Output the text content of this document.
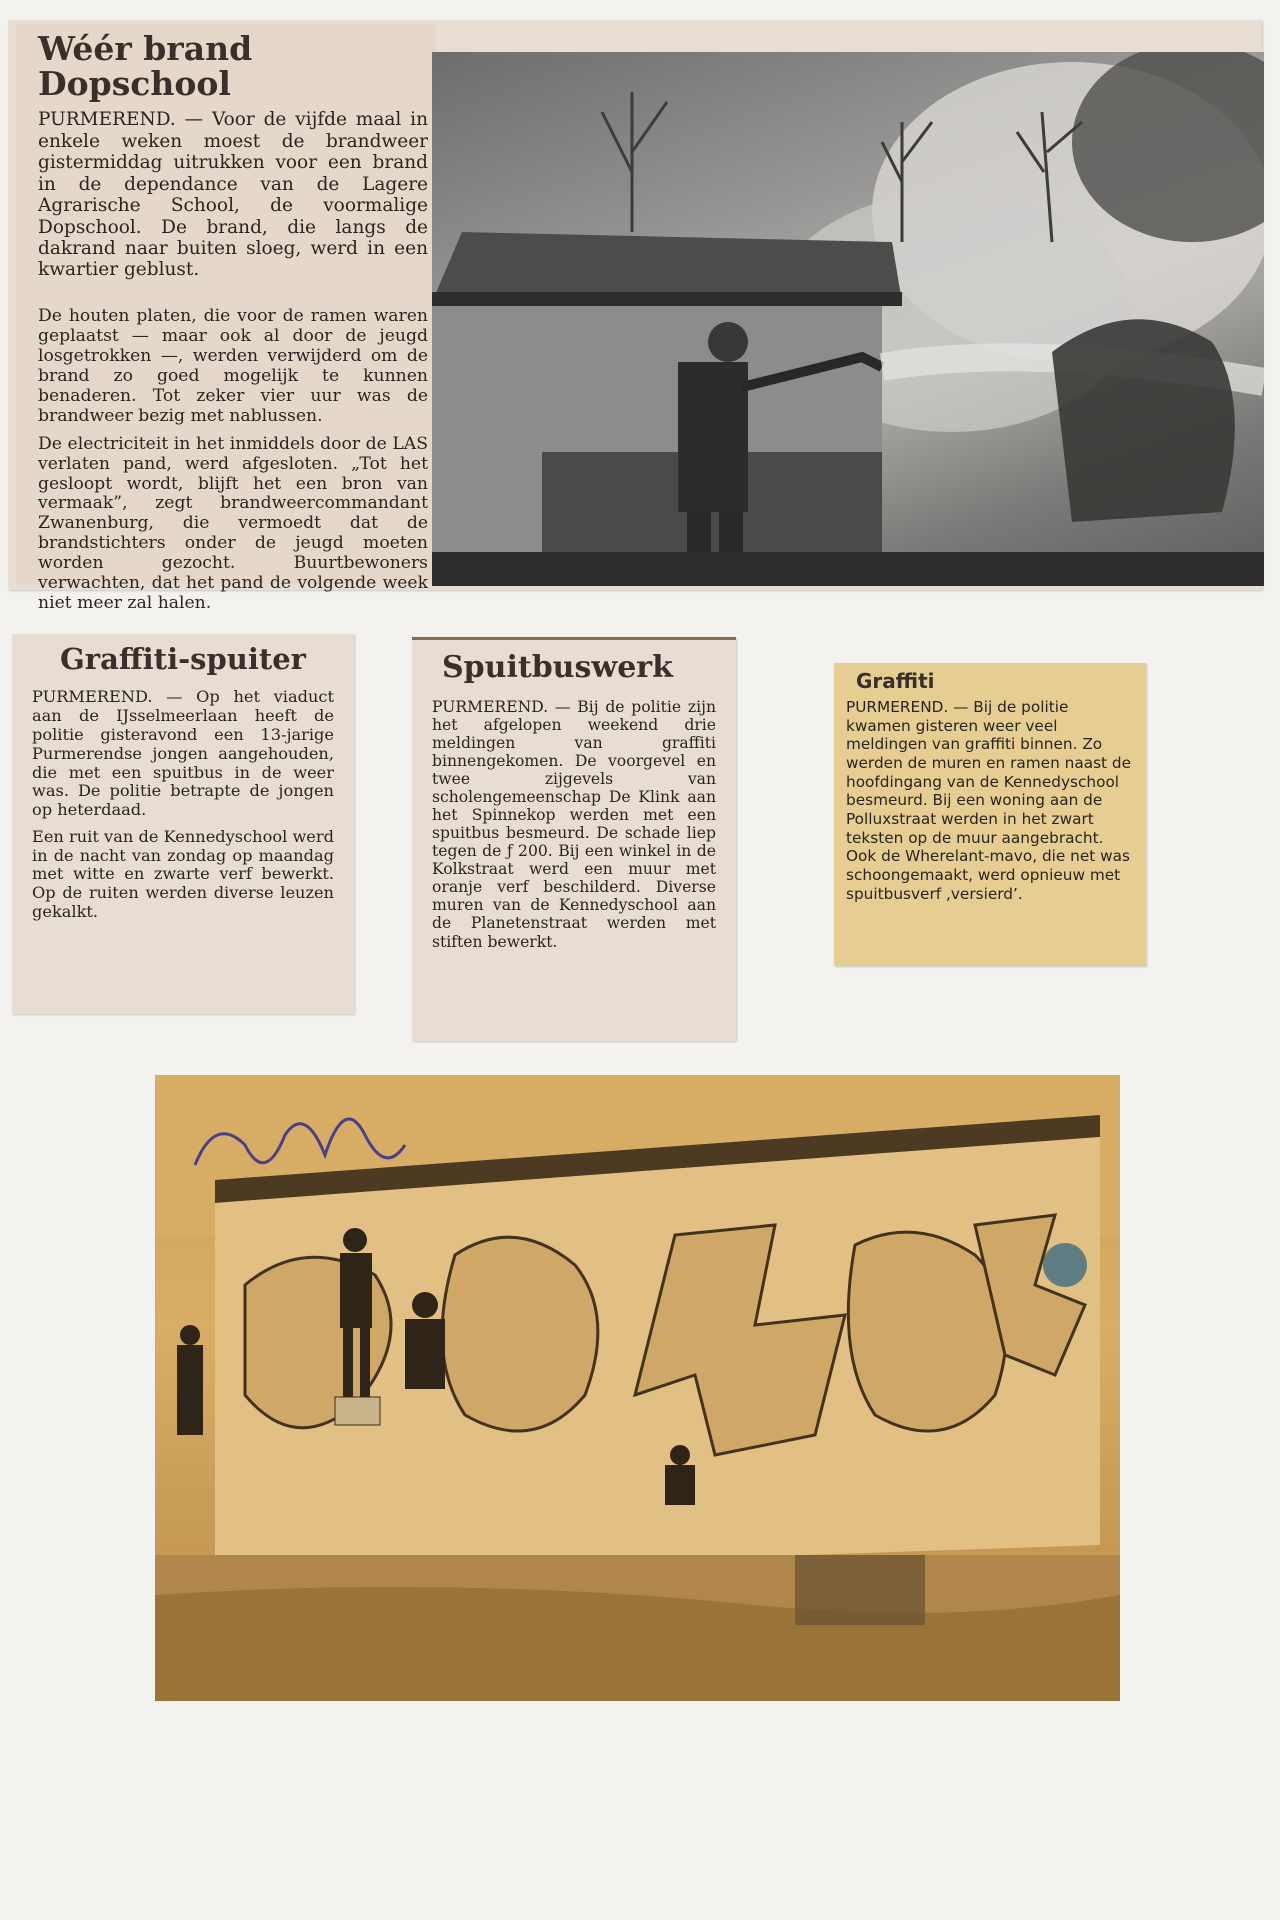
Wéér brand Dopschool

PURMEREND. — Voor de vijfde maal in enkele weken moest de brandweer gistermiddag uitrukken voor een brand in de dependance van de Lagere Agrarische School, de voormalige Dopschool. De brand, die langs de dakrand naar buiten sloeg, werd in een kwartier geblust.

De houten platen, die voor de ramen waren geplaatst — maar ook al door de jeugd losgetrokken —, werden verwijderd om de brand zo goed mogelijk te kunnen benaderen. Tot zeker vier uur was de brandweer bezig met nablussen.

De electriciteit in het inmiddels door de LAS verlaten pand, werd afgesloten. „Tot het gesloopt wordt, blijft het een bron van vermaak”, zegt brandweercommandant Zwanenburg, die vermoedt dat de brandstichters onder de jeugd moeten worden gezocht. Buurtbewoners verwachten, dat het pand de volgende week niet meer zal halen.

Graffiti-spuiter

PURMEREND. — Op het viaduct aan de IJsselmeerlaan heeft de politie gisteravond een 13-jarige Purmerendse jongen aangehouden, die met een spuitbus in de weer was. De politie betrapte de jongen op heterdaad.

Een ruit van de Kennedyschool werd in de nacht van zondag op maandag met witte en zwarte verf bewerkt. Op de ruiten werden diverse leuzen gekalkt.

Spuitbuswerk

PURMEREND. — Bij de politie zijn het afgelopen weekend drie meldingen van graffiti binnengekomen. De voorgevel en twee zijgevels van scholengemeenschap De Klink aan het Spinnekop werden met een spuitbus besmeurd. De schade liep tegen de ƒ 200. Bij een winkel in de Kolkstraat werd een muur met oranje verf beschilderd. Diverse muren van de Kennedyschool aan de Planetenstraat werden met stiften bewerkt.

Graffiti

PURMEREND. — Bij de politie kwamen gisteren weer veel meldingen van graffiti binnen. Zo werden de muren en ramen naast de hoofdingang van de Kennedyschool besmeurd. Bij een woning aan de Polluxstraat werden in het zwart teksten op de muur aangebracht. Ook de Wherelant-mavo, die net was schoongemaakt, werd opnieuw met spuitbusverf ,versierd’.
